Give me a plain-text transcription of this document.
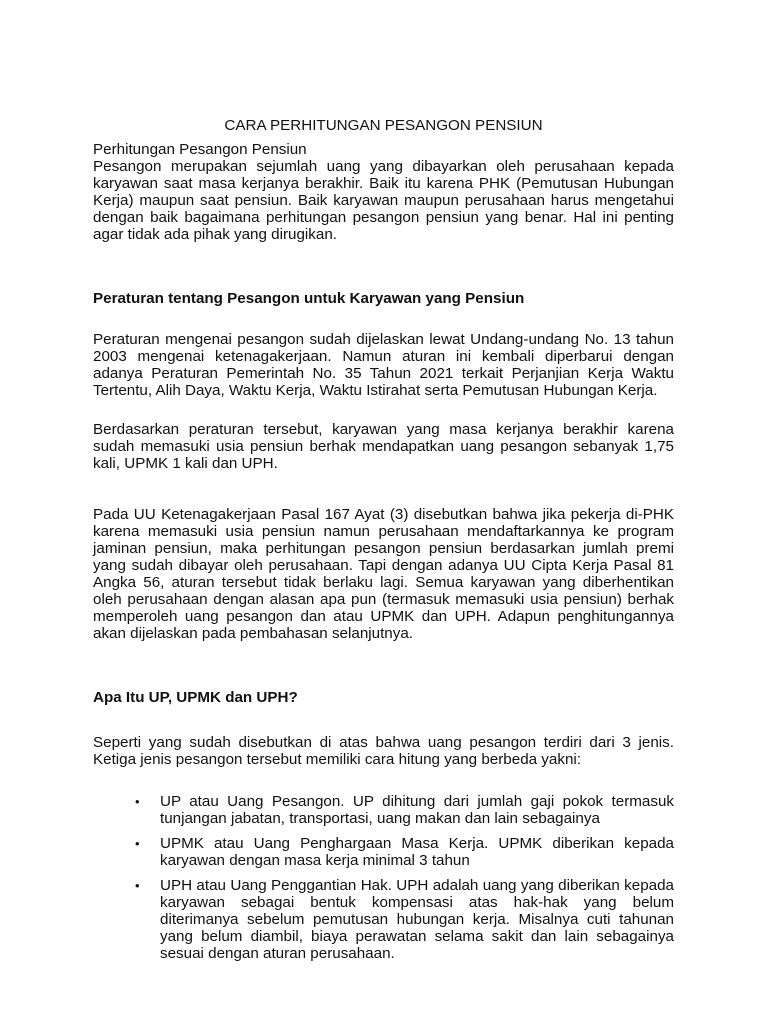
CARA PERHITUNGAN PESANGON PENSIUN
Perhitungan Pesangon Pensiun

Pesangon merupakan sejumlah uang yang dibayarkan oleh perusahaan kepada karyawan saat masa kerjanya berakhir. Baik itu karena PHK (Pemutusan Hubungan Kerja) maupun saat pensiun. Baik karyawan maupun perusahaan harus mengetahui dengan baik bagaimana perhitungan pesangon pensiun yang benar. Hal ini penting agar tidak ada pihak yang dirugikan.

Peraturan tentang Pesangon untuk Karyawan yang Pensiun

Peraturan mengenai pesangon sudah dijelaskan lewat Undang-undang No. 13 tahun 2003 mengenai ketenagakerjaan. Namun aturan ini kembali diperbarui dengan adanya Peraturan Pemerintah No. 35 Tahun 2021 terkait Perjanjian Kerja Waktu Tertentu, Alih Daya, Waktu Kerja, Waktu Istirahat serta Pemutusan Hubungan Kerja.

Berdasarkan peraturan tersebut, karyawan yang masa kerjanya berakhir karena sudah memasuki usia pensiun berhak mendapatkan uang pesangon sebanyak 1,75 kali, UPMK 1 kali dan UPH.

Pada UU Ketenagakerjaan Pasal 167 Ayat (3) disebutkan bahwa jika pekerja di-PHK karena memasuki usia pensiun namun perusahaan mendaftarkannya ke program jaminan pensiun, maka perhitungan pesangon pensiun berdasarkan jumlah premi yang sudah dibayar oleh perusahaan. Tapi dengan adanya UU Cipta Kerja Pasal 81 Angka 56, aturan tersebut tidak berlaku lagi. Semua karyawan yang diberhentikan oleh perusahaan dengan alasan apa pun (termasuk memasuki usia pensiun) berhak memperoleh uang pesangon dan atau UPMK dan UPH. Adapun penghitungannya akan dijelaskan pada pembahasan selanjutnya.

Apa Itu UP, UPMK dan UPH?

Seperti yang sudah disebutkan di atas bahwa uang pesangon terdiri dari 3 jenis. Ketiga jenis pesangon tersebut memiliki cara hitung yang berbeda yakni:

• UP atau Uang Pesangon. UP dihitung dari jumlah gaji pokok termasuk tunjangan jabatan, transportasi, uang makan dan lain sebagainya
• UPMK atau Uang Penghargaan Masa Kerja. UPMK diberikan kepada karyawan dengan masa kerja minimal 3 tahun
• UPH atau Uang Penggantian Hak. UPH adalah uang yang diberikan kepada karyawan sebagai bentuk kompensasi atas hak-hak yang belum diterimanya sebelum pemutusan hubungan kerja. Misalnya cuti tahunan yang belum diambil, biaya perawatan selama sakit dan lain sebagainya sesuai dengan aturan perusahaan.
